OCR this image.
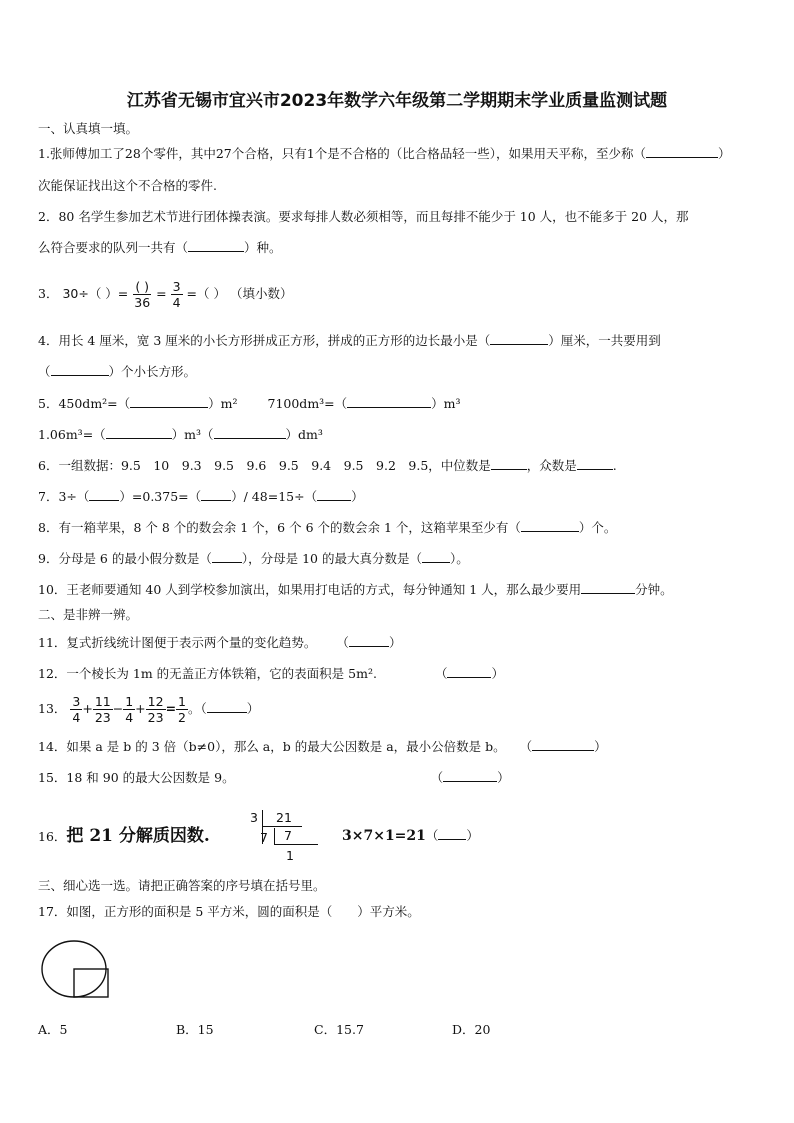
江苏省无锡市宜兴市2023年数学六年级第二学期期末学业质量监测试题
一、认真填一填。
1.张师傅加工了28个零件，其中27个合格，只有1个是不合格的（比合格品轻一些），如果用天平称，至少称（	）
次能保证找出这个不合格的零件.
2．80 名学生参加艺术节进行团体操表演。要求每排人数必须相等，而且每排不能少于 10 人，也不能多于 20 人，那
么符合要求的队列一共有（	）种。
3． 30÷（ ）= $\frac{( )}{36} = \frac{3}{4}$ =（ ） （填小数）
4．用长 4 厘米，宽 3 厘米的小长方形拼成正方形，拼成的正方形的边长最小是（	）厘米，一共要用到
（	）个小长方形。
5．450dm²=（	）m² 7100dm³=（	）m³
1.06m³=（	）m³（	）dm³
6．一组数据：9.5　10　9.3　9.5　9.6　9.5　9.4　9.5　9.2　9.5，中位数是	，众数是	.
7．3÷（ ）=0.375=（ ）/ 48=15÷（	）
8．有一箱苹果，8 个 8 个的数会余 1 个，6 个 6 个的数会余 1 个，这箱苹果至少有（	）个。
9．分母是 6 的最小假分数是（ ），分母是 10 的最大真分数是（ ）。
10．王老师要通知 40 人到学校参加演出，如果用打电话的方式，每分钟通知 1 人，那么最少要用	分钟。
二、是非辨一辨。
11．复式折线统计图便于表示两个量的变化趋势。 （	）
12．一个棱长为 1m 的无盖正方体铁箱，它的表面积是 5m².	（	）
13． $\frac{3}{4} + \frac{11}{23} - \frac{1}{4} + \frac{12}{23} = \frac{1}{2}$ 。（	）
14．如果 a 是 b 的 3 倍（b≠0），那么 a，b 的最大公因数是 a，最小公倍数是 b。 （	）
15．18 和 90 的最大公因数是 9。	（	）
16．把 21 分解质因数.
3 21
7 7
1
3×7×1=21（ ）
三、细心选一选。请把正确答案的序号填在括号里。
17．如图，正方形的面积是 5 平方米，圆的面积是（　　）平方米。
A．5	B．15	C．15.7	D．20
